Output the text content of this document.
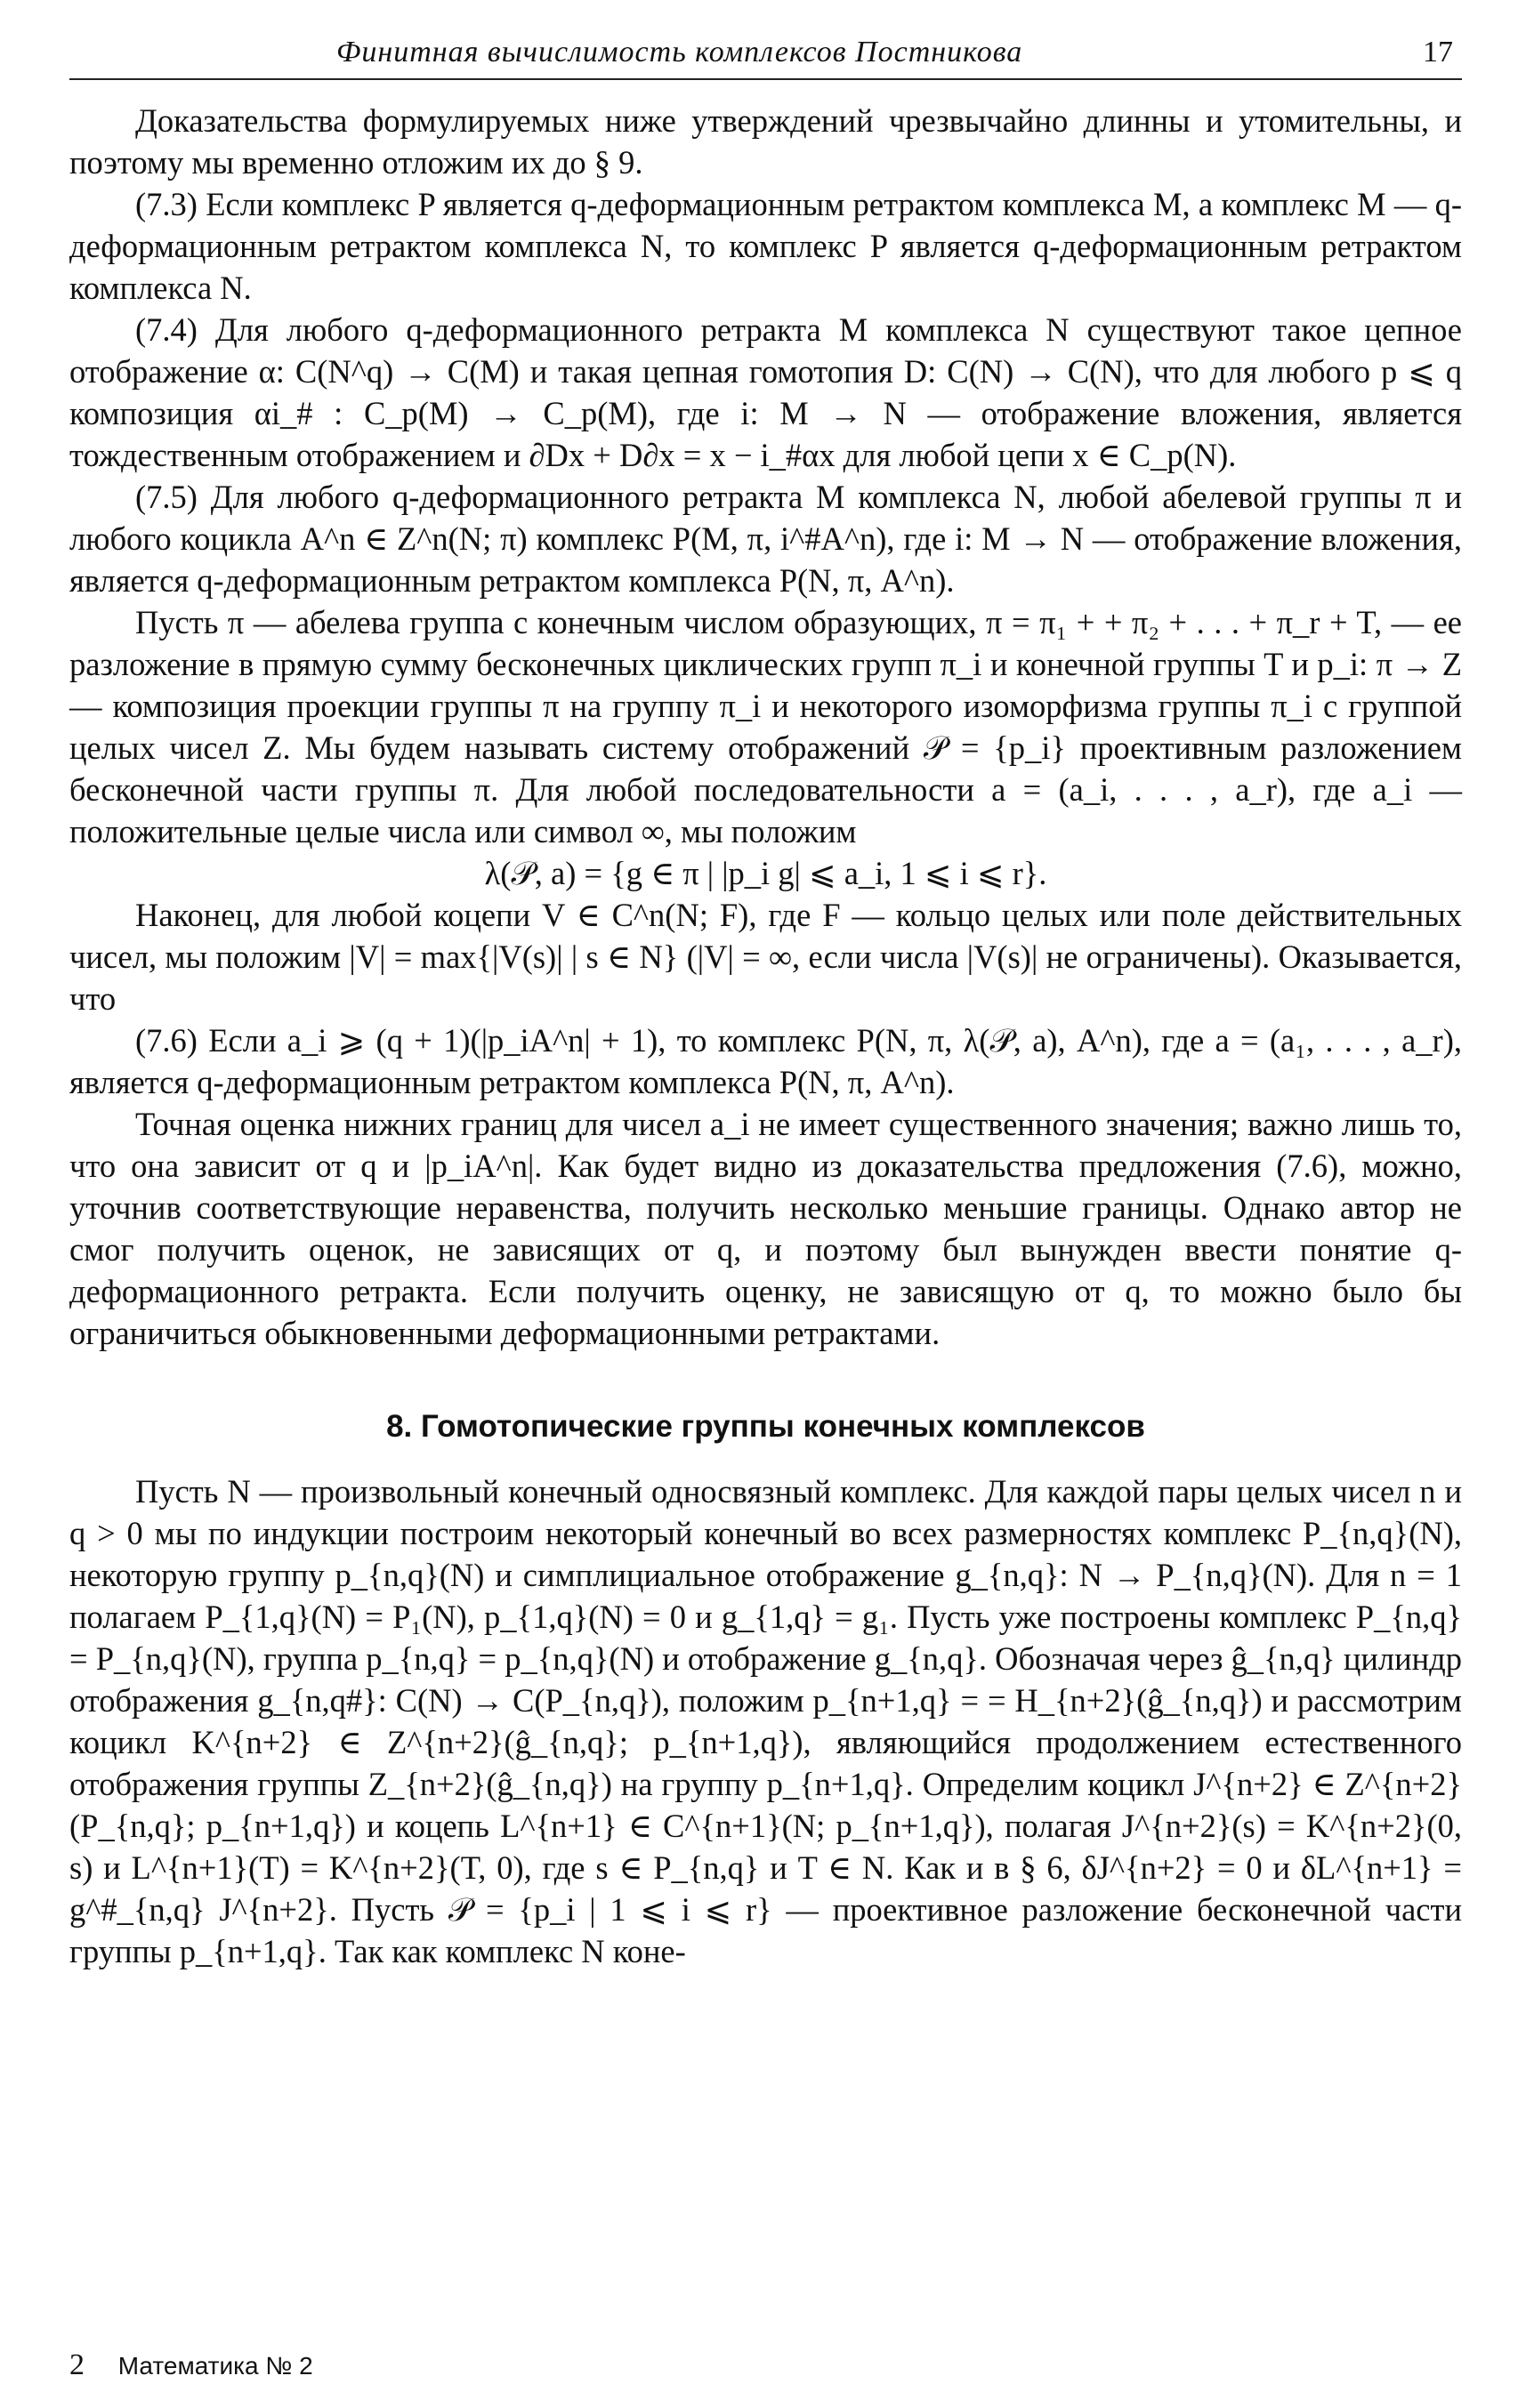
Финитная вычислимость комплексов Постникова	17

Доказательства формулируемых ниже утверждений чрезвычайно длинны и утомительны, и поэтому мы временно отложим их до § 9.

(7.3) Если комплекс P является q-деформационным ретрактом комплекса M, а комплекс M — q-деформационным ретрактом комплекса N, то комплекс P является q-деформационным ретрактом комплекса N.

(7.4) Для любого q-деформационного ретракта M комплекса N существуют такое цепное отображение α: C(N^q) → C(M) и такая цепная гомотопия D: C(N) → C(N), что для любого p ⩽ q композиция αi_# : C_p(M) → C_p(M), где i: M → N — отображение вложения, является тождественным отображением и ∂Dx + D∂x = x − i_#αx для любой цепи x ∈ C_p(N).

(7.5) Для любого q-деформационного ретракта M комплекса N, любой абелевой группы π и любого коцикла A^n ∈ Z^n(N; π) комплекс P(M, π, i^#A^n), где i: M → N — отображение вложения, является q-деформационным ретрактом комплекса P(N, π, A^n).

Пусть π — абелева группа с конечным числом образующих, π = π₁ + + π₂ + . . . + π_r + T, — ее разложение в прямую сумму бесконечных циклических групп π_i и конечной группы T и p_i: π → Z — композиция проекции группы π на группу π_i и некоторого изоморфизма группы π_i с группой целых чисел Z. Мы будем называть систему отображений 𝒫 = {p_i} проективным разложением бесконечной части группы π. Для любой последовательности a = (a_i, . . . , a_r), где a_i — положительные целые числа или символ ∞, мы положим

λ(𝒫, a) = {g ∈ π | |p_i g| ⩽ a_i, 1 ⩽ i ⩽ r}.

Наконец, для любой коцепи V ∈ C^n(N; F), где F — кольцо целых или поле действительных чисел, мы положим |V| = max{|V(s)| | s ∈ N} (|V| = ∞, если числа |V(s)| не ограничены). Оказывается, что

(7.6) Если a_i ⩾ (q + 1)(|p_iA^n| + 1), то комплекс P(N, π, λ(𝒫, a), A^n), где a = (a₁, . . . , a_r), является q-деформационным ретрактом комплекса P(N, π, A^n).

Точная оценка нижних границ для чисел a_i не имеет существенного значения; важно лишь то, что она зависит от q и |p_iA^n|. Как будет видно из доказательства предложения (7.6), можно, уточнив соответствующие неравенства, получить несколько меньшие границы. Однако автор не смог получить оценок, не зависящих от q, и поэтому был вынужден ввести понятие q-деформационного ретракта. Если получить оценку, не зависящую от q, то можно было бы ограничиться обыкновенными деформационными ретрактами.

8. Гомотопические группы конечных комплексов

Пусть N — произвольный конечный односвязный комплекс. Для каждой пары целых чисел n и q > 0 мы по индукции построим некоторый конечный во всех размерностях комплекс P_{n,q}(N), некоторую группу p_{n,q}(N) и симплициальное отображение g_{n,q}: N → P_{n,q}(N). Для n = 1 полагаем P_{1,q}(N) = P₁(N), p_{1,q}(N) = 0 и g_{1,q} = g₁. Пусть уже построены комплекс P_{n,q} = P_{n,q}(N), группа p_{n,q} = p_{n,q}(N) и отображение g_{n,q}. Обозначая через ĝ_{n,q} цилиндр отображения g_{n,q#}: C(N) → C(P_{n,q}), положим p_{n+1,q} = = H_{n+2}(ĝ_{n,q}) и рассмотрим коцикл K^{n+2} ∈ Z^{n+2}(ĝ_{n,q}; p_{n+1,q}), являющийся продолжением естественного отображения группы Z_{n+2}(ĝ_{n,q}) на группу p_{n+1,q}. Определим коцикл J^{n+2} ∈ Z^{n+2}(P_{n,q}; p_{n+1,q}) и коцепь L^{n+1} ∈ C^{n+1}(N; p_{n+1,q}), полагая J^{n+2}(s) = K^{n+2}(0, s) и L^{n+1}(T) = K^{n+2}(T, 0), где s ∈ P_{n,q} и T ∈ N. Как и в § 6, δJ^{n+2} = 0 и δL^{n+1} = g^#_{n,q} J^{n+2}. Пусть 𝒫 = {p_i | 1 ⩽ i ⩽ r} — проективное разложение бесконечной части группы p_{n+1,q}. Так как комплекс N коне-

2 Математика № 2
